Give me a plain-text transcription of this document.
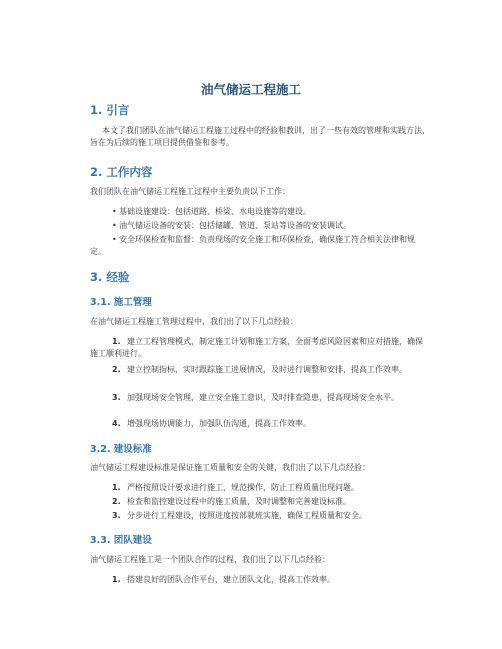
油气储运工程施工
1. 引言
本文了我们团队在油气储运工程施工过程中的经验和教训，出了一些有效的管理和实践方法，旨在为后续的施工项目提供借鉴和参考。
2. 工作内容
我们团队在油气储运工程施工过程中主要负责以下工作：
• 基础设施建设：包括道路、桥梁、水电设施等的建设。
• 油气储运设备的安装：包括储罐、管道、泵站等设备的安装调试。
• 安全环保检查和监督：负责现场的安全施工和环保检查，确保施工符合相关法律和规定。
3. 经验
3.1. 施工管理
在油气储运工程施工管理过程中，我们出了以下几点经验：
1. 建立工程管理模式，制定施工计划和施工方案，全面考虑风险因素和应对措施，确保施工顺利进行。
2. 建立控制指标，实时跟踪施工进展情况，及时进行调整和安排，提高工作效率。
3. 加强现场安全管理，建立安全施工意识，及时排查隐患，提高现场安全水平。
4. 增强现场协调能力，加强队伍沟通，提高工作效率。
3.2. 建设标准
油气储运工程建设标准是保证施工质量和安全的关键，我们出了以下几点经验：
1. 严格按照设计要求进行施工，规范操作，防止工程质量出现问题。
2. 检查和监控建设过程中的施工质量，及时调整和完善建设标准。
3. 分步进行工程建设，按照进度按部就班实施，确保工程质量和安全。
3.3. 团队建设
油气储运工程施工是一个团队合作的过程，我们出了以下几点经验：
1. 搭建良好的团队合作平台，建立团队文化，提高工作效率。
